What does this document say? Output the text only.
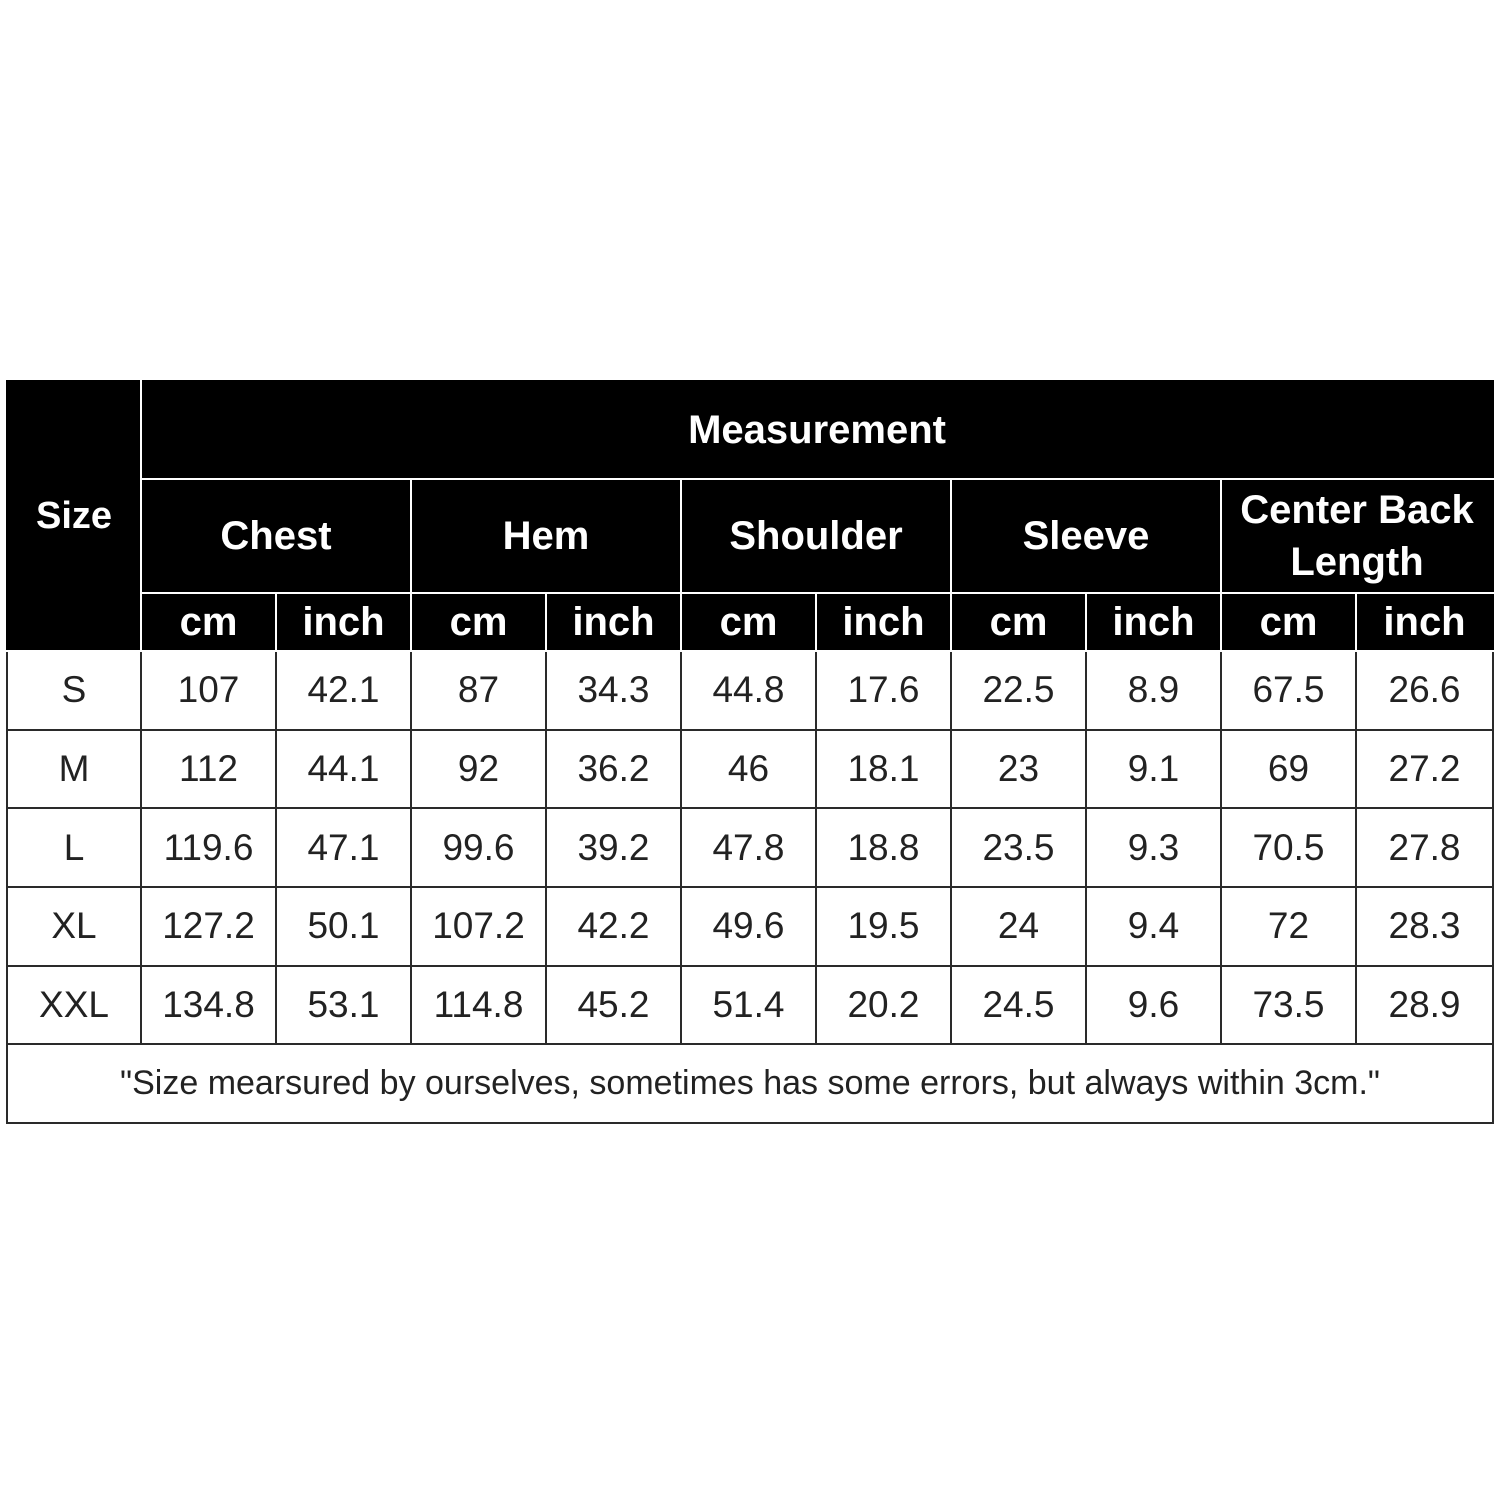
Size	Measurement									
	Chest		Hem		Shoulder		Sleeve		Center Back Length	
	cm	inch	cm	inch	cm	inch	cm	inch	cm	inch
S	107	42.1	87	34.3	44.8	17.6	22.5	8.9	67.5	26.6
M	112	44.1	92	36.2	46	18.1	23	9.1	69	27.2
L	119.6	47.1	99.6	39.2	47.8	18.8	23.5	9.3	70.5	27.8
XL	127.2	50.1	107.2	42.2	49.6	19.5	24	9.4	72	28.3
XXL	134.8	53.1	114.8	45.2	51.4	20.2	24.5	9.6	73.5	28.9
"Size mearsured by ourselves, sometimes has some errors, but always within 3cm."										
